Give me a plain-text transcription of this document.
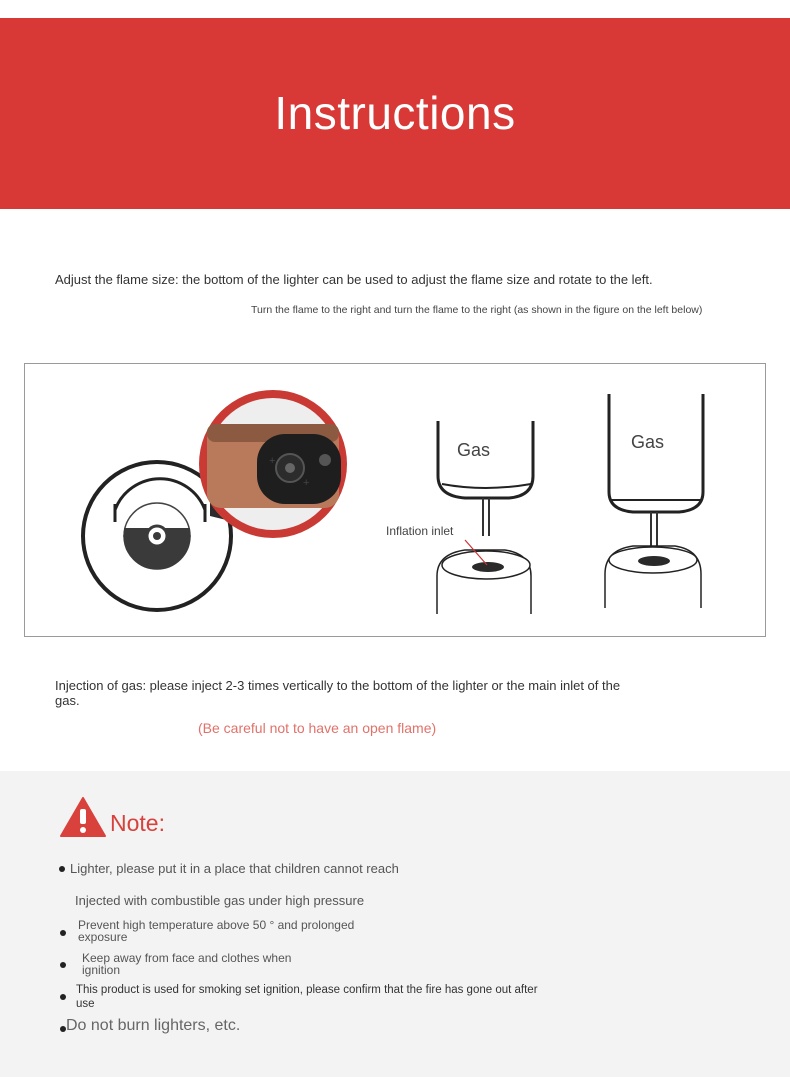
Instructions
Adjust the flame size: the bottom of the lighter can be used to adjust the flame size and rotate to the left.
Turn the flame to the right and turn the flame to the right (as shown in the figure on the left below)
+
+
Gas	Gas
Inflation inlet
Injection of gas: please inject 2-3 times vertically to the bottom of the lighter or the main inlet of the gas.
(Be careful not to have an open flame)
Note:
Lighter, please put it in a place that children cannot reach
Injected with combustible gas under high pressure
Prevent high temperature above 50 ° and prolonged exposure
Keep away from face and clothes when ignition
This product is used for smoking set ignition, please confirm that the fire has gone out after use
Do not burn lighters, etc.
